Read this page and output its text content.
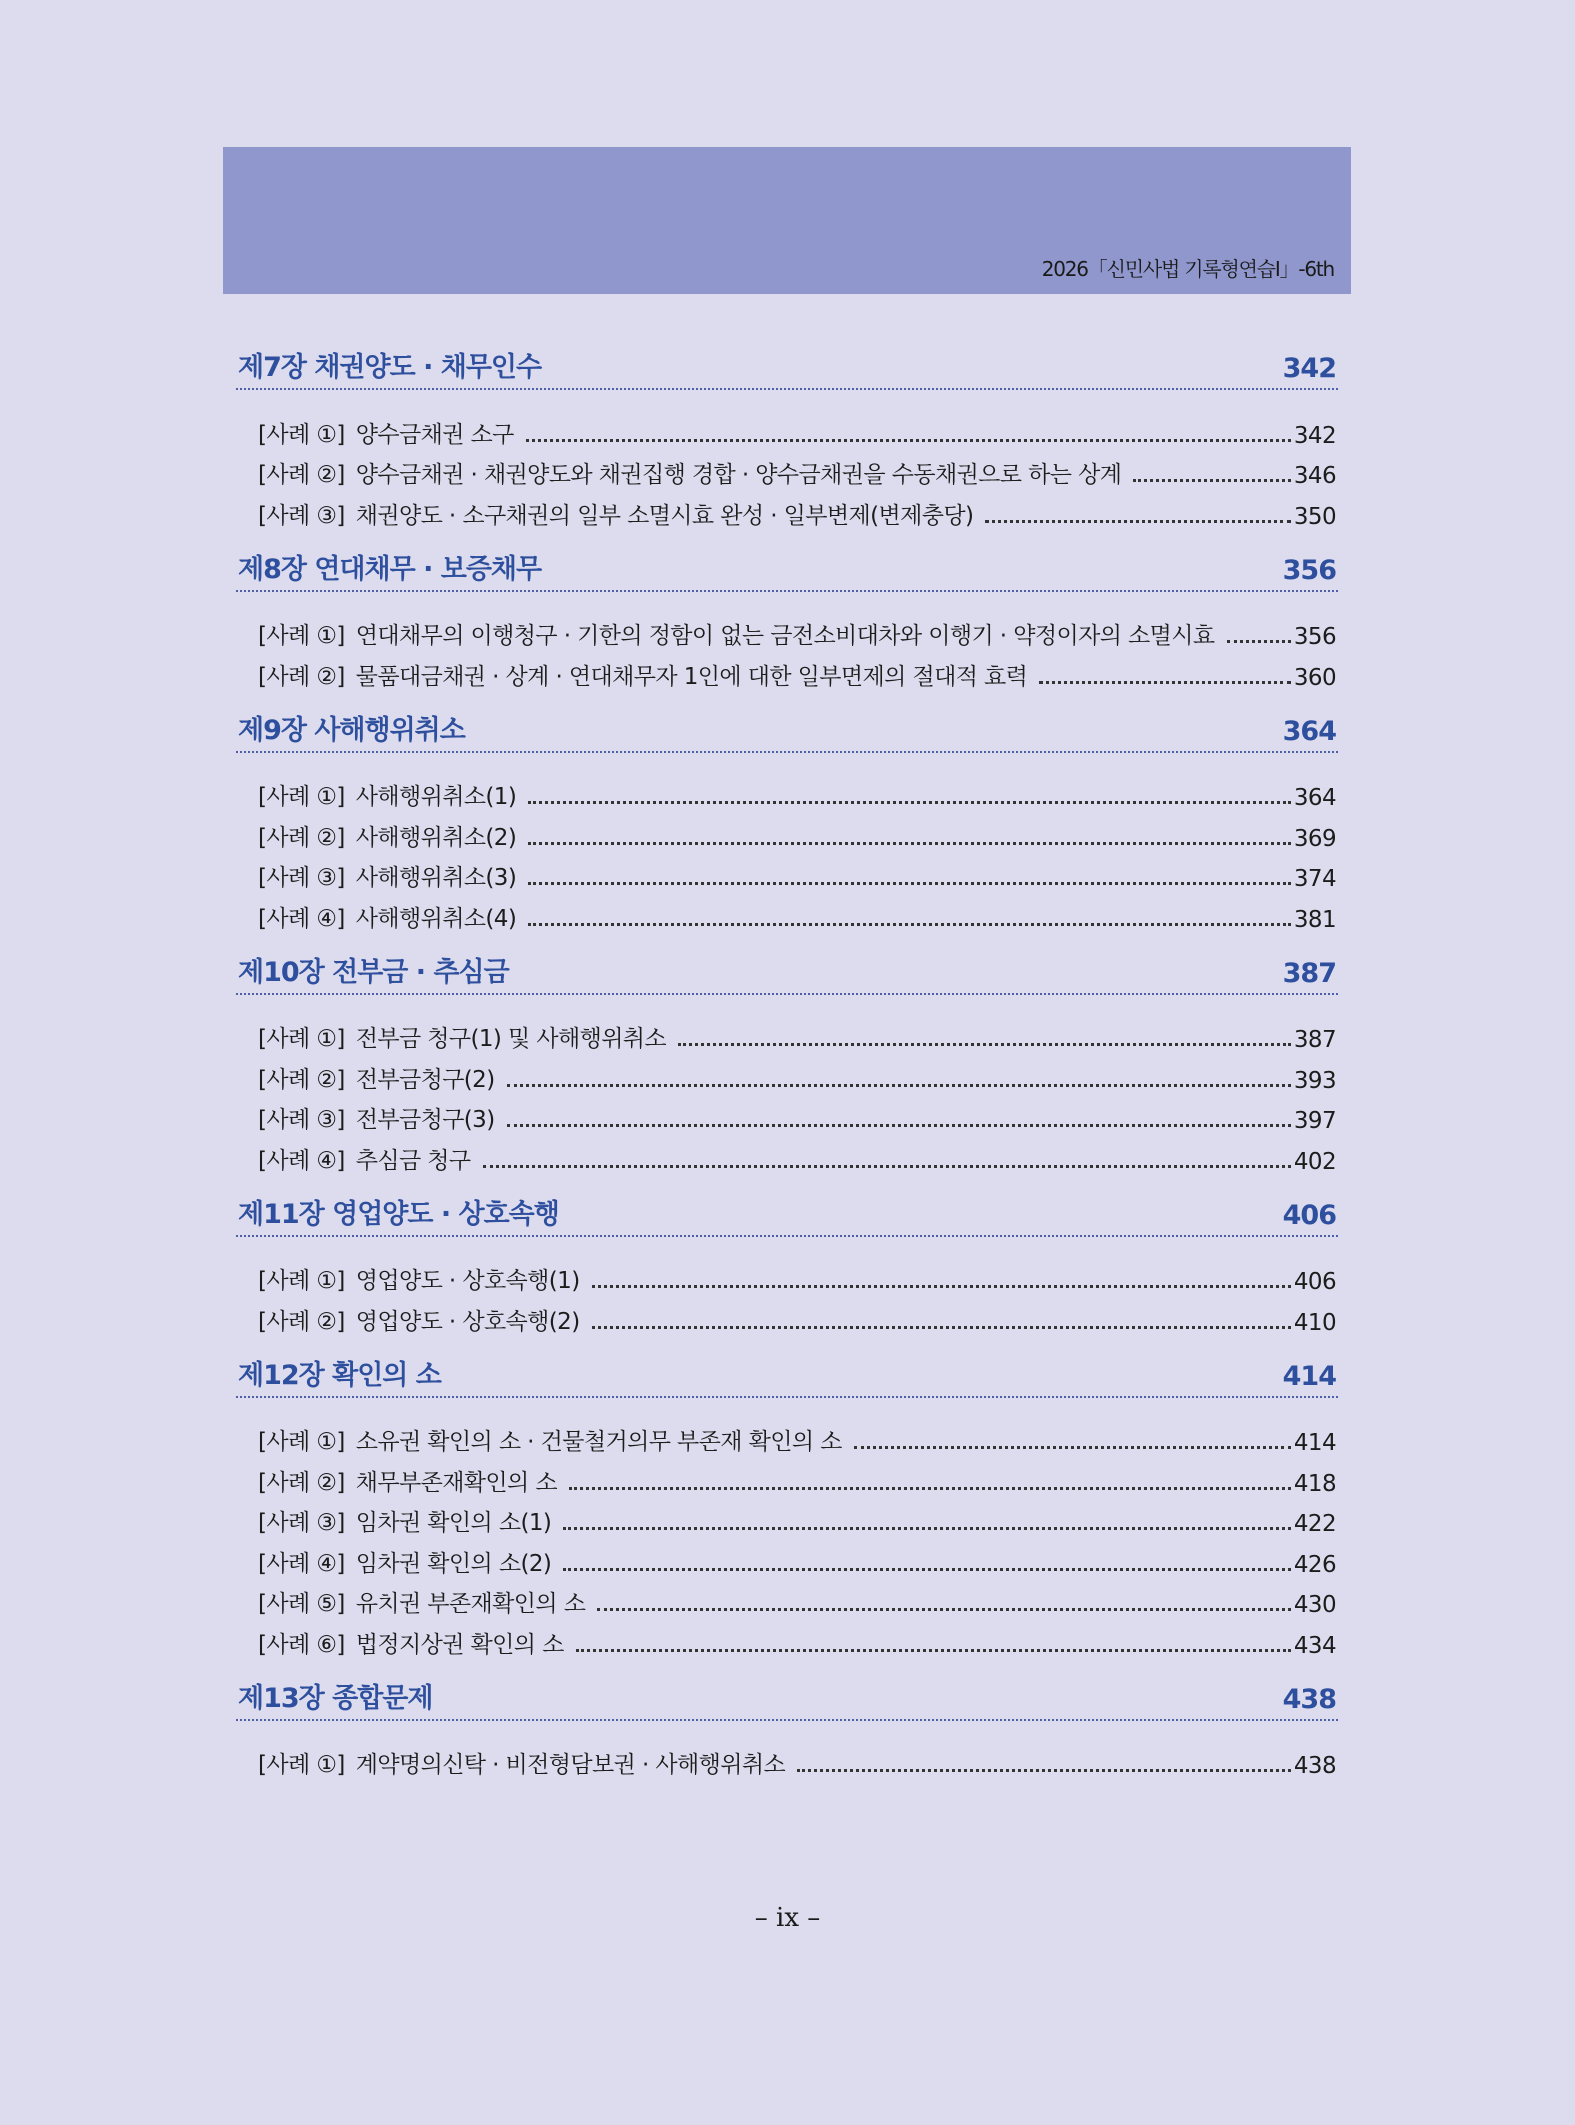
2026「신민사법 기록형연습Ⅰ」-6th
제7장 채권양도 · 채무인수	342
[사례 ①] 양수금채권 소구	342
[사례 ②] 양수금채권 · 채권양도와 채권집행 경합 · 양수금채권을 수동채권으로 하는 상계	346
[사례 ③] 채권양도 · 소구채권의 일부 소멸시효 완성 · 일부변제(변제충당)	350
제8장 연대채무 · 보증채무	356
[사례 ①] 연대채무의 이행청구 · 기한의 정함이 없는 금전소비대차와 이행기 · 약정이자의 소멸시효	356
[사례 ②] 물품대금채권 · 상계 · 연대채무자 1인에 대한 일부면제의 절대적 효력	360
제9장 사해행위취소	364
[사례 ①] 사해행위취소(1)	364
[사례 ②] 사해행위취소(2)	369
[사례 ③] 사해행위취소(3)	374
[사례 ④] 사해행위취소(4)	381
제10장 전부금 · 추심금	387
[사례 ①] 전부금 청구(1) 및 사해행위취소	387
[사례 ②] 전부금청구(2)	393
[사례 ③] 전부금청구(3)	397
[사례 ④] 추심금 청구	402
제11장 영업양도 · 상호속행	406
[사례 ①] 영업양도 · 상호속행(1)	406
[사례 ②] 영업양도 · 상호속행(2)	410
제12장 확인의 소	414
[사례 ①] 소유권 확인의 소 · 건물철거의무 부존재 확인의 소	414
[사례 ②] 채무부존재확인의 소	418
[사례 ③] 임차권 확인의 소(1)	422
[사례 ④] 임차권 확인의 소(2)	426
[사례 ⑤] 유치권 부존재확인의 소	430
[사례 ⑥] 법정지상권 확인의 소	434
제13장 종합문제	438
[사례 ①] 계약명의신탁 · 비전형담보권 · 사해행위취소	438
– ix –
